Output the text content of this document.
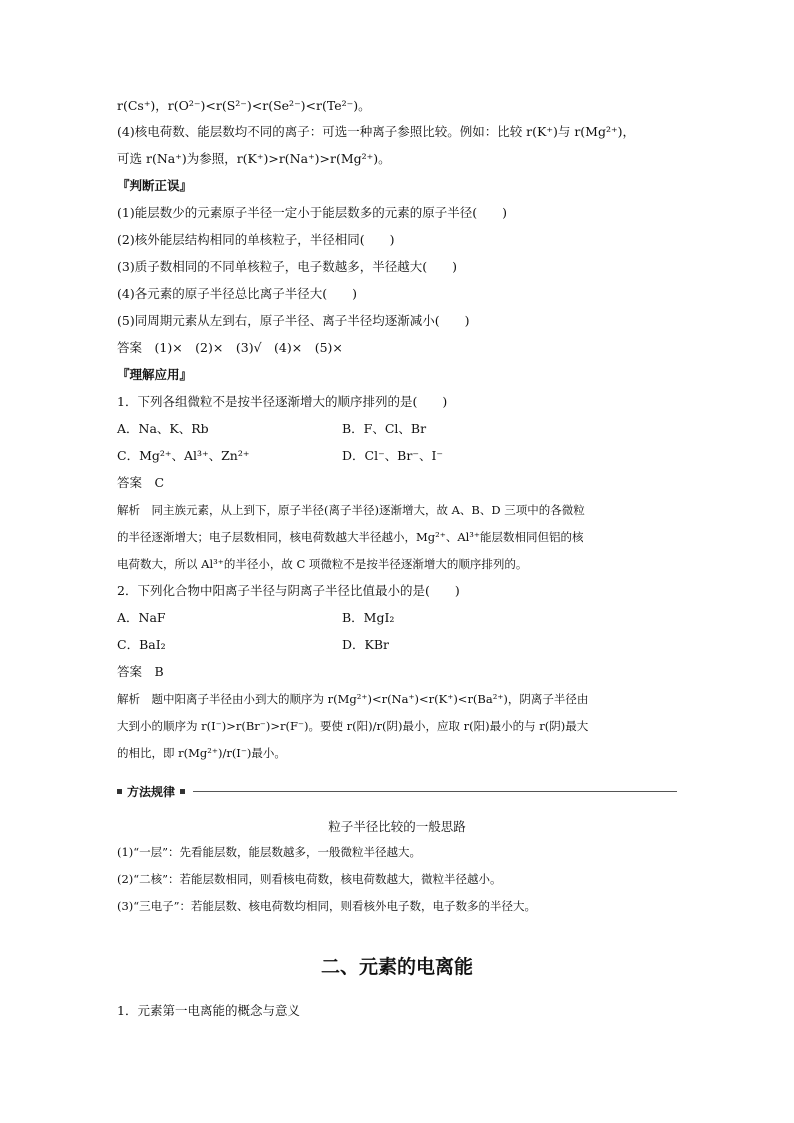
r(Cs⁺)，r(O²⁻)<r(S²⁻)<r(Se²⁻)<r(Te²⁻)。
(4)核电荷数、能层数均不同的离子：可选一种离子参照比较。例如：比较 r(K⁺)与 r(Mg²⁺)，
可选 r(Na⁺)为参照，r(K⁺)>r(Na⁺)>r(Mg²⁺)。
『判断正误』
(1)能层数少的元素原子半径一定小于能层数多的元素的原子半径(　　)
(2)核外能层结构相同的单核粒子，半径相同(　　)
(3)质子数相同的不同单核粒子，电子数越多，半径越大(　　)
(4)各元素的原子半径总比离子半径大(　　)
(5)同周期元素从左到右，原子半径、离子半径均逐渐减小(　　)
答案　(1)×　(2)×　(3)√　(4)×　(5)×
『理解应用』
1．下列各组微粒不是按半径逐渐增大的顺序排列的是(　　)
A．Na、K、Rb	B．F、Cl、Br
C．Mg²⁺、Al³⁺、Zn²⁺	D．Cl⁻、Br⁻、I⁻
答案　C
解析　同主族元素，从上到下，原子半径(离子半径)逐渐增大，故 A、B、D 三项中的各微粒
的半径逐渐增大；电子层数相同，核电荷数越大半径越小，Mg²⁺、Al³⁺能层数相同但铝的核
电荷数大，所以 Al³⁺的半径小，故 C 项微粒不是按半径逐渐增大的顺序排列的。
2．下列化合物中阳离子半径与阴离子半径比值最小的是(　　)
A．NaF	B．MgI₂
C．BaI₂	D．KBr
答案　B
解析　题中阳离子半径由小到大的顺序为 r(Mg²⁺)<r(Na⁺)<r(K⁺)<r(Ba²⁺)，阴离子半径由
大到小的顺序为 r(I⁻)>r(Br⁻)>r(F⁻)。要使 r(阳)/r(阴)最小，应取 r(阳)最小的与 r(阴)最大
的相比，即 r(Mg²⁺)/r(I⁻)最小。
方法规律
粒子半径比较的一般思路
(1)“一层”：先看能层数，能层数越多，一般微粒半径越大。
(2)“二核”：若能层数相同，则看核电荷数，核电荷数越大，微粒半径越小。
(3)“三电子”：若能层数、核电荷数均相同，则看核外电子数，电子数多的半径大。
二、元素的电离能
1．元素第一电离能的概念与意义
